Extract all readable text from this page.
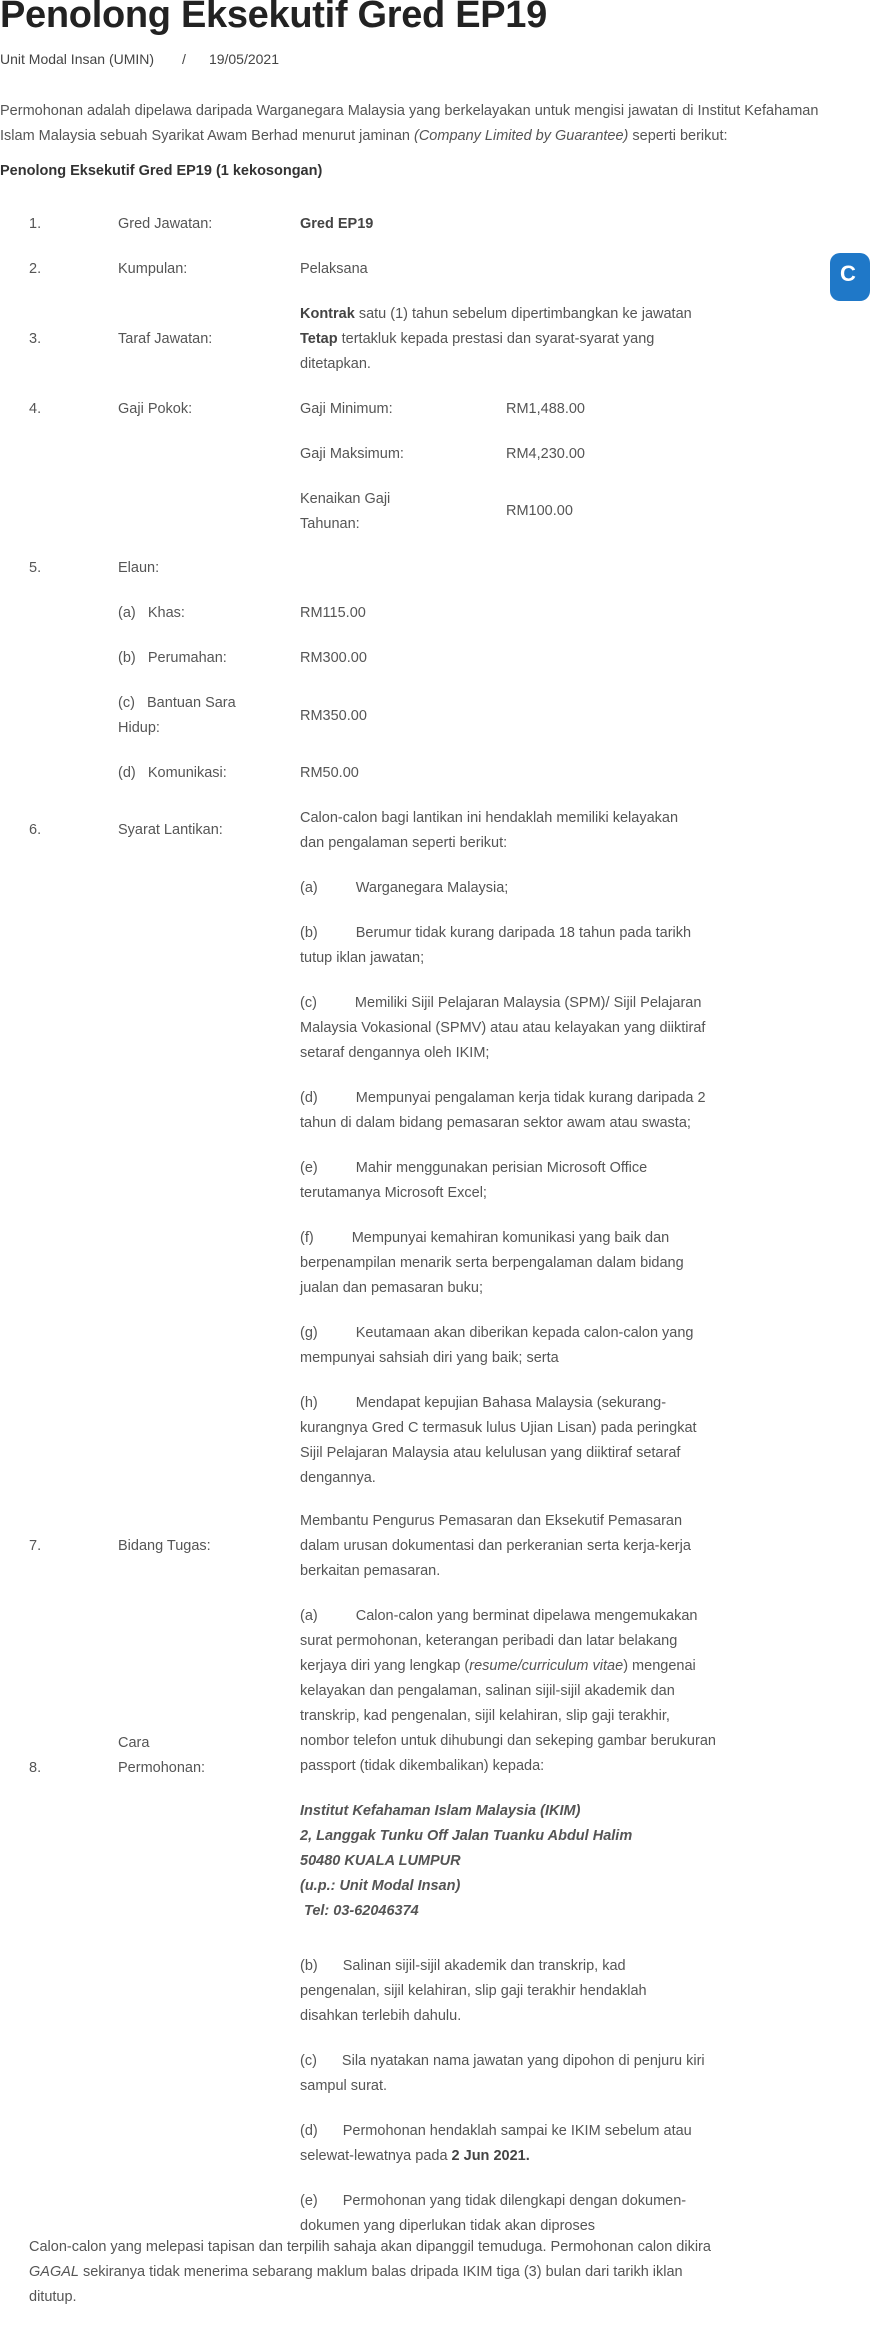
Penolong Eksekutif Gred EP19
Unit Modal Insan (UMIN) / 19/05/2021
Permohonan adalah dipelawa daripada Warganegara Malaysia yang berkelayakan untuk mengisi jawatan di Institut Kefahaman Islam Malaysia sebuah Syarikat Awam Berhad menurut jaminan (Company Limited by Guarantee) seperti berikut:
Penolong Eksekutif Gred EP19 (1 kekosongan)
1.	Gred Jawatan:	Gred EP19
2.	Kumpulan:	Pelaksana
3.	Taraf Jawatan:
Kontrak satu (1) tahun sebelum dipertimbangkan ke jawatan Tetap tertakluk kepada prestasi dan syarat-syarat yang ditetapkan.
4.	Gaji Pokok:	Gaji Minimum:	RM1,488.00
Gaji Maksimum:	RM4,230.00
Kenaikan Gaji Tahunan:
RM100.00
5.	Elaun:
(a) Khas:	RM115.00
(b) Perumahan:	RM300.00
(c) Bantuan Sara Hidup:
RM350.00
(d) Komunikasi:	RM50.00
6.	Syarat Lantikan:
Calon-calon bagi lantikan ini hendaklah memiliki kelayakan dan pengalaman seperti berikut:
(a)	Warganegara Malaysia;
(b)	Berumur tidak kurang daripada 18 tahun pada tarikh tutup iklan jawatan;
(c)	Memiliki Sijil Pelajaran Malaysia (SPM)/ Sijil Pelajaran Malaysia Vokasional (SPMV) atau atau kelayakan yang diiktiraf setaraf dengannya oleh IKIM;
(d)	Mempunyai pengalaman kerja tidak kurang daripada 2 tahun di dalam bidang pemasaran sektor awam atau swasta;
(e)	Mahir menggunakan perisian Microsoft Office terutamanya Microsoft Excel;
(f)	Mempunyai kemahiran komunikasi yang baik dan berpenampilan menarik serta berpengalaman dalam bidang jualan dan pemasaran buku;
(g)	Keutamaan akan diberikan kepada calon-calon yang mempunyai sahsiah diri yang baik; serta
(h)	Mendapat kepujian Bahasa Malaysia (sekurang-kurangnya Gred C termasuk lulus Ujian Lisan) pada peringkat Sijil Pelajaran Malaysia atau kelulusan yang diiktiraf setaraf dengannya.
7.	Bidang Tugas:
Membantu Pengurus Pemasaran dan Eksekutif Pemasaran dalam urusan dokumentasi dan perkeranian serta kerja-kerja berkaitan pemasaran.
8.
Cara Permohonan:
(a)	Calon-calon yang berminat dipelawa mengemukakan surat permohonan, keterangan peribadi dan latar belakang kerjaya diri yang lengkap (resume/curriculum vitae) mengenai kelayakan dan pengalaman, salinan sijil-sijil akademik dan transkrip, kad pengenalan, sijil kelahiran, slip gaji terakhir, nombor telefon untuk dihubungi dan sekeping gambar berukuran passport (tidak dikembalikan) kepada:
Institut Kefahaman Islam Malaysia (IKIM)
2, Langgak Tunku Off Jalan Tuanku Abdul Halim
50480 KUALA LUMPUR
(u.p.: Unit Modal Insan)
Tel: 03-62046374
(b) Salinan sijil-sijil akademik dan transkrip, kad pengenalan, sijil kelahiran, slip gaji terakhir hendaklah disahkan terlebih dahulu.
(c) Sila nyatakan nama jawatan yang dipohon di penjuru kiri sampul surat.
(d) Permohonan hendaklah sampai ke IKIM sebelum atau selewat-lewatnya pada 2 Jun 2021.
(e) Permohonan yang tidak dilengkapi dengan dokumen-dokumen yang diperlukan tidak akan diproses
Calon-calon yang melepasi tapisan dan terpilih sahaja akan dipanggil temuduga. Permohonan calon dikira GAGAL sekiranya tidak menerima sebarang maklum balas dripada IKIM tiga (3) bulan dari tarikh iklan ditutup.
C
